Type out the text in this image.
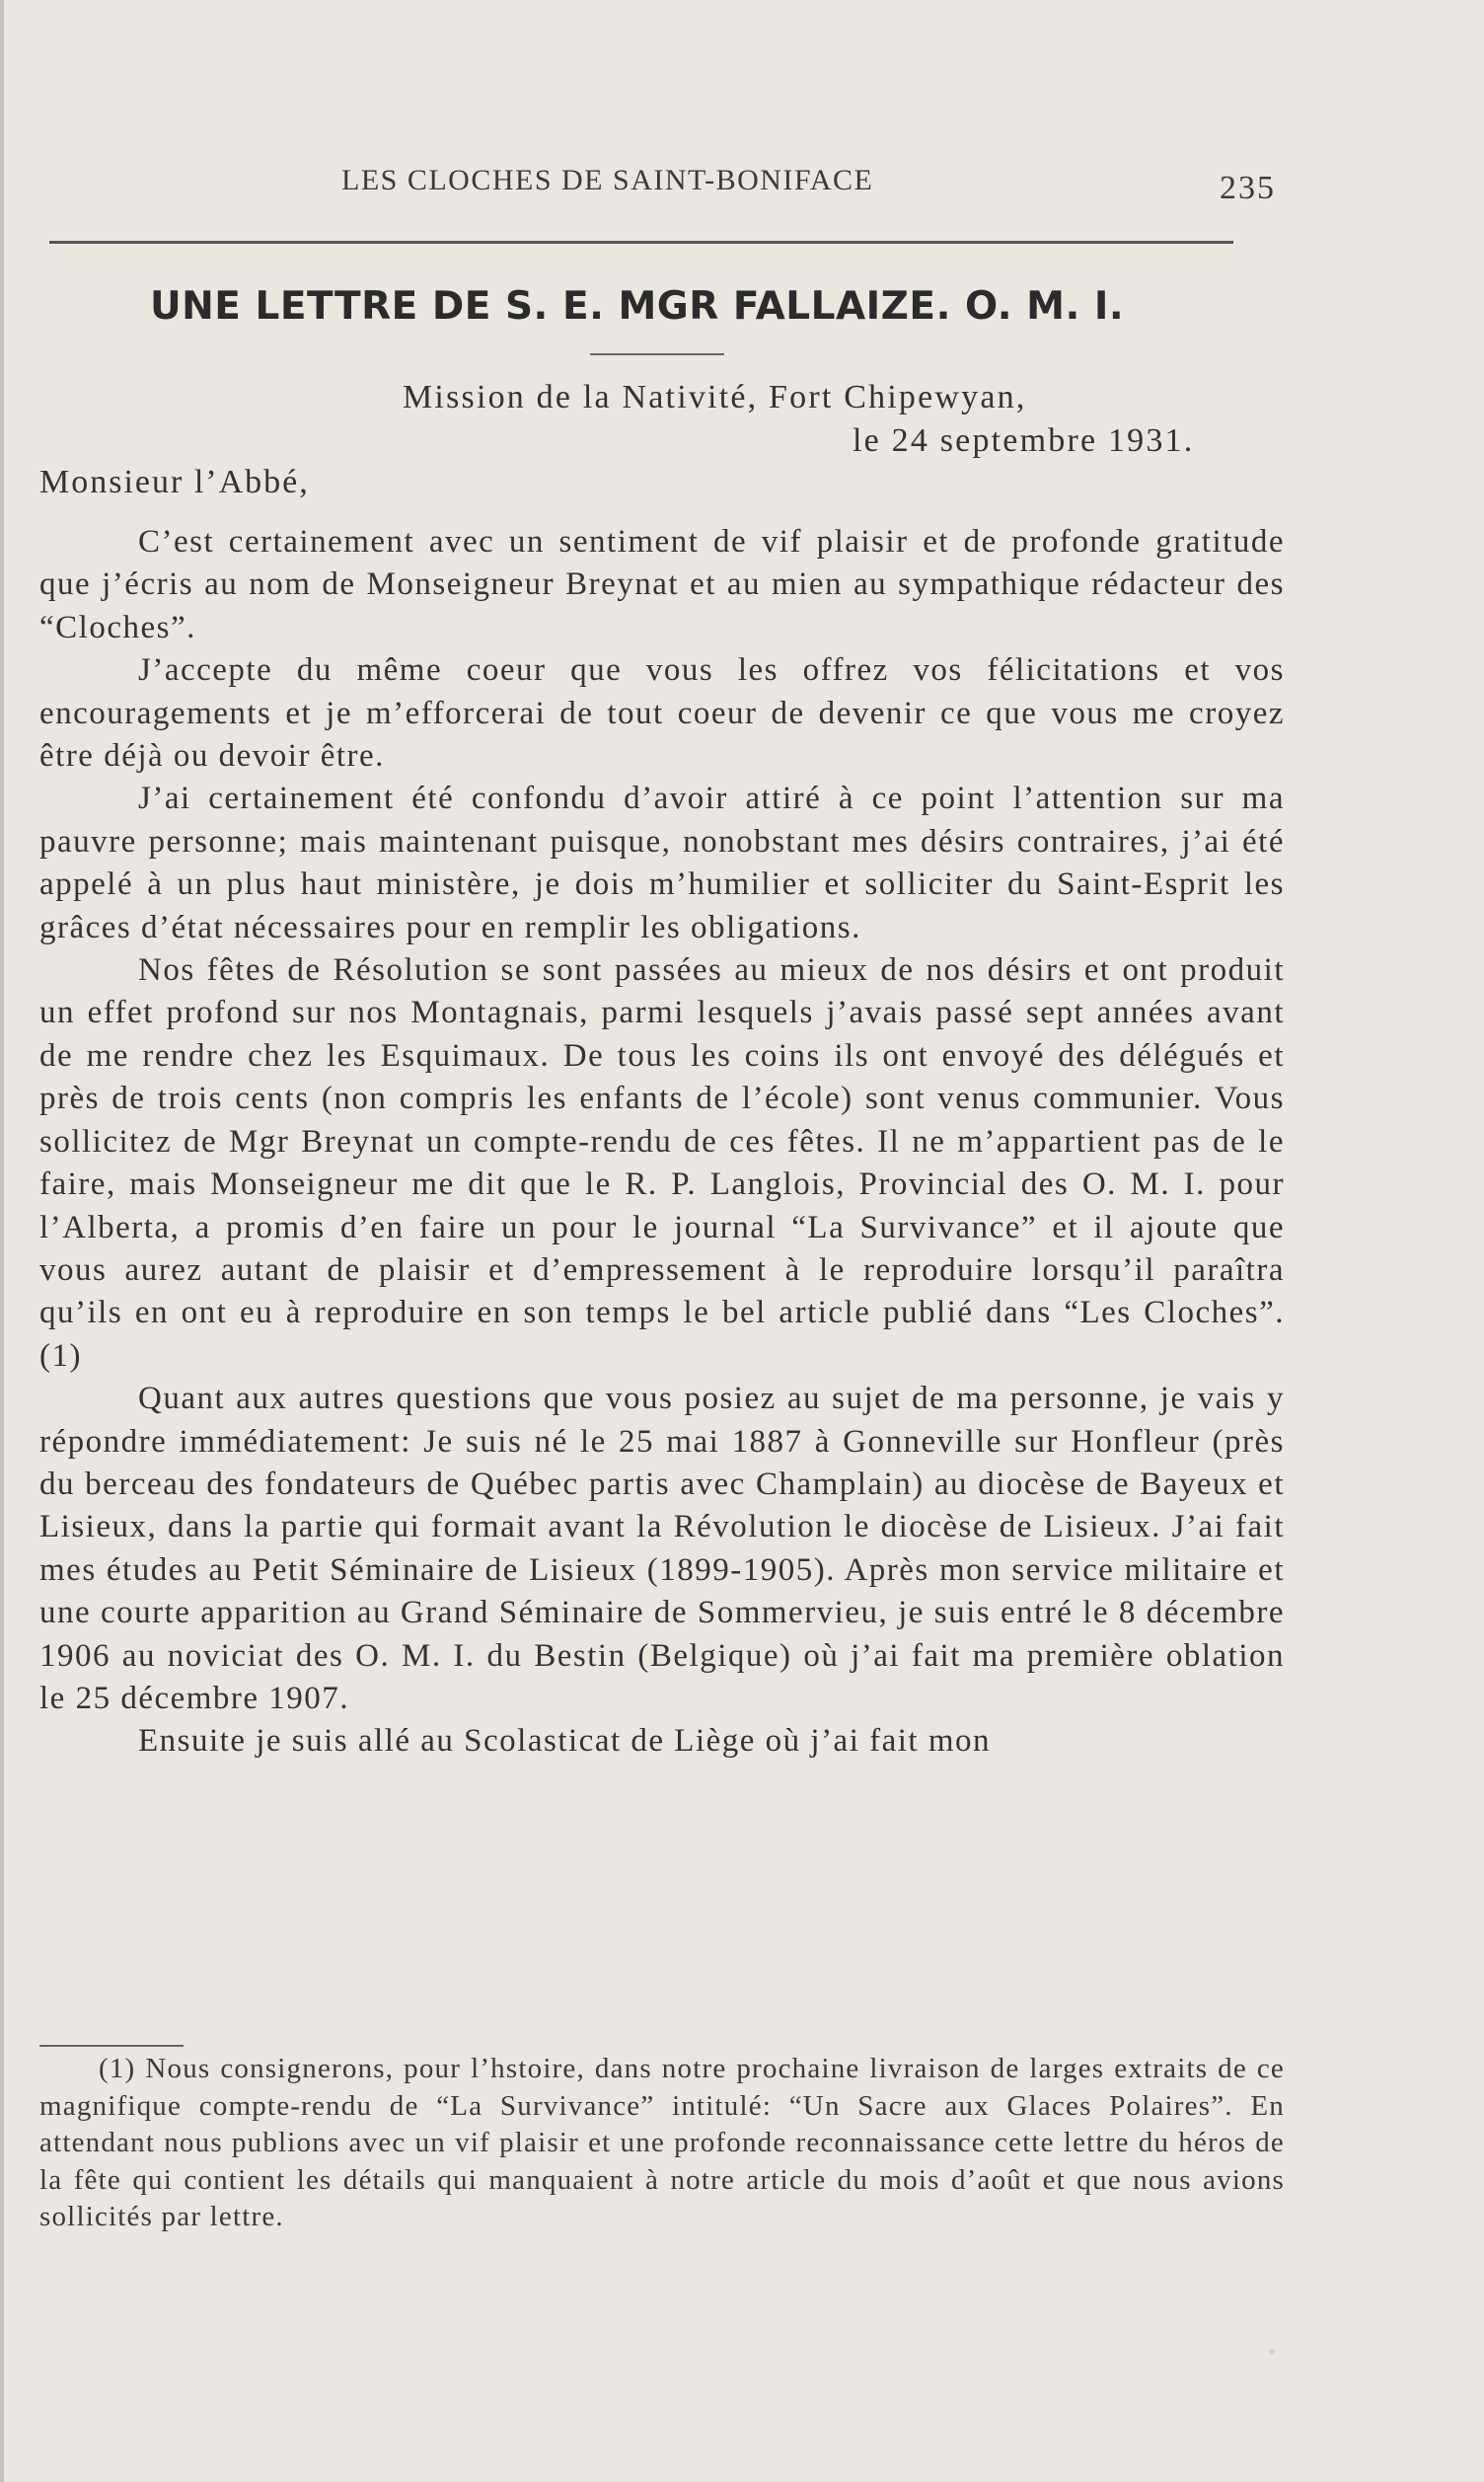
LES CLOCHES DE SAINT-BONIFACE	235
UNE LETTRE DE S. E. MGR FALLAIZE. O. M. I.
Mission de la Nativité, Fort Chipewyan,
le 24 septembre 1931.
Monsieur l’Abbé,

C’est certainement avec un sentiment de vif plaisir et de profonde gratitude que j’écris au nom de Monseigneur Breynat et au mien au sympathique rédacteur des “Cloches”.

J’accepte du même coeur que vous les offrez vos félicitations et vos encouragements et je m’efforcerai de tout coeur de devenir ce que vous me croyez être déjà ou devoir être.

J’ai certainement été confondu d’avoir attiré à ce point l’attention sur ma pauvre personne; mais maintenant puisque, nonobstant mes désirs contraires, j’ai été appelé à un plus haut ministère, je dois m’humilier et solliciter du Saint-Esprit les grâces d’état nécessaires pour en remplir les obligations.

Nos fêtes de Résolution se sont passées au mieux de nos désirs et ont produit un effet profond sur nos Montagnais, parmi lesquels j’avais passé sept années avant de me rendre chez les Esquimaux. De tous les coins ils ont envoyé des délégués et près de trois cents (non compris les enfants de l’école) sont venus communier. Vous sollicitez de Mgr Breynat un compte-rendu de ces fêtes. Il ne m’appartient pas de le faire, mais Monseigneur me dit que le R. P. Langlois, Provincial des O. M. I. pour l’Alberta, a promis d’en faire un pour le journal “La Survivance” et il ajoute que vous aurez autant de plaisir et d’empressement à le reproduire lorsqu’il paraîtra qu’ils en ont eu à reproduire en son temps le bel article publié dans “Les Cloches”. (1)

Quant aux autres questions que vous posiez au sujet de ma personne, je vais y répondre immédiatement: Je suis né le 25 mai 1887 à Gonneville sur Honfleur (près du berceau des fondateurs de Québec partis avec Champlain) au diocèse de Bayeux et Lisieux, dans la partie qui formait avant la Révolution le diocèse de Lisieux. J’ai fait mes études au Petit Séminaire de Lisieux (1899-1905). Après mon service militaire et une courte apparition au Grand Séminaire de Sommervieu, je suis entré le 8 décembre 1906 au noviciat des O. M. I. du Bestin (Belgique) où j’ai fait ma première oblation le 25 décembre 1907.

Ensuite je suis allé au Scolasticat de Liège où j’ai fait mon

(1) Nous consignerons, pour l’hstoire, dans notre prochaine livraison de larges extraits de ce magnifique compte-rendu de “La Survivance” intitulé: “Un Sacre aux Glaces Polaires”. En attendant nous publions avec un vif plaisir et une profonde reconnaissance cette lettre du héros de la fête qui contient les détails qui manquaient à notre article du mois d’août et que nous avions sollicités par lettre.
